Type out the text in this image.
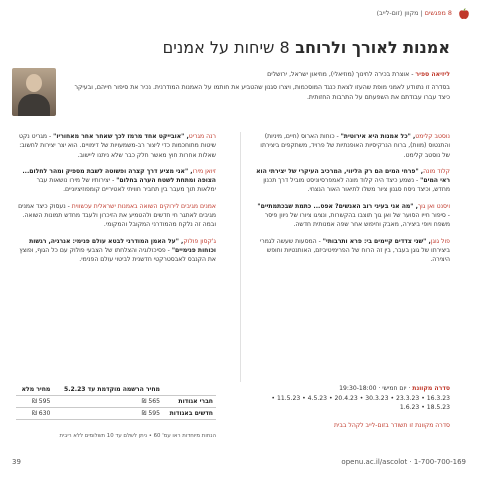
8 מפגשים | מקוון (זום-לייב)
אמנות לאורך ולרוחב 8 שיחות על אמנים
ליזיאה ספיר - אוצרת בכירה לחינוך (מוזיאלי), מוזיאון ישראל, ירושלים
בסדרה זו נתוודע לאמני מופת שהעזו לצאת כנגד המוסכמות, ויצרו סגנון שהטביע את חותמו על האמנות המודרנית. נכיר את סיפור חייהם, ובעיקר כיצד עברו עבודתם את השפעתם על התרבות החזותית.
נוסטב קלימט, "כל אמנות היא אירוטית" - כוחות הארוס (חיים, מיניות) והתנטוס (מוות), ברוח הנרקיסיות האופנתיות של פרויד, משתקפים ביצירתו של נוסטב קלימט.
קלוד מונה, "פרחי המים הם רק הליווי, המרכיב העיקרי של יצירתי הוא ראי המים" - נשמע כיצד היה קלוד מונה לאמפרסיוניסט מוביל דרך תכנון מחדש, וכיצד ניסח סגנון ציור משלו לתיאור האור הנצחי.
ויסנט ואן גוך, "מה אני בעיני רוב האנשים? אפס... כתמת שבכתמתיים" - סיפור חייו הסוער של ואן גוך תוצבו בהקשרות, ונציגו ציורו של ניוון פיסר משפח ויופי ביצירה, מאבק וחיפוש אחר שפה אמנותית חדשה.
פול גוגן, "שני צדדים קיימים בי: פרא ותרבותי" - המסעות שעשה לגמרי ביצירתו של גוגן בעבר, בין זה הרוח של הפרימיטיביזם, האותנטיות וחופש היצירה.
רנה מגריט, "אובייקט אחד מרמז לכך שאחר אחר מאחוריו" - מגריט נקט שיטות מתוחכמות כדי ליצור רב-משמעויות של דימויים. הוא יצר יצירות לחשוב: שאלות אחרות חוץ מאשר חלק כבר שלא ניתנו ליישוב.
זיואן מירו, "אני מציע דרך קצרה ופשוטה לשבת מספיק ומהר לחלום... הצופה ומתחת לשטח הערה בחלום" - יצירותיו של מירו נושאות עבר ימלאות תוך מעבר בין תחביר חוויתי לאטיריים קומפוזיציוניים.
אמנים מגיבים לירוקים השואה באמנות ישראלית עכשווית - נעסוק כיצד אמנים מגיבים לאתגר חי חדשים ולהטמיע את הזיכרון ולעבד מחדש תמונות השואה. ובמה זה נלקח מהמודרני המקובל והמקומי.
ג'קסון פולוק, "על האמן המודרני לבטא עולם פנימי: אנרגיה, רגשות וכוחות פנימיים" - פסיכולוגיה והצלחתו של הצבעי פולוק עם כל הגוף, ופוצץ את הקנבס לאבסטרקטי חדשנית לביטוי עולם הפנימי.
סדרה מקוונת · יום חמישי · 19:30-18:00
16.3.23 • 23.3.23 • 30.3.23 • 20.4.23 • 4.5.23 • 11.5.23 • 18.5.23 • 1.6.23
סדרה מקוונת זו תשודר בזום-לייב לקהל בבית
	מחיר הרשמה מוקדמת עד 5.2.23	מחיר מלא
חברי אגודות	565 ₪	595 ₪
חדשים באגודות	595 ₪	630 ₪
הנחות מיוחדות ראו עמ' 60 • ניתן לשלם עד 10 תשלומים ללא ריבית
39	openu.ac.il/ascolot · 1-700-700-169
